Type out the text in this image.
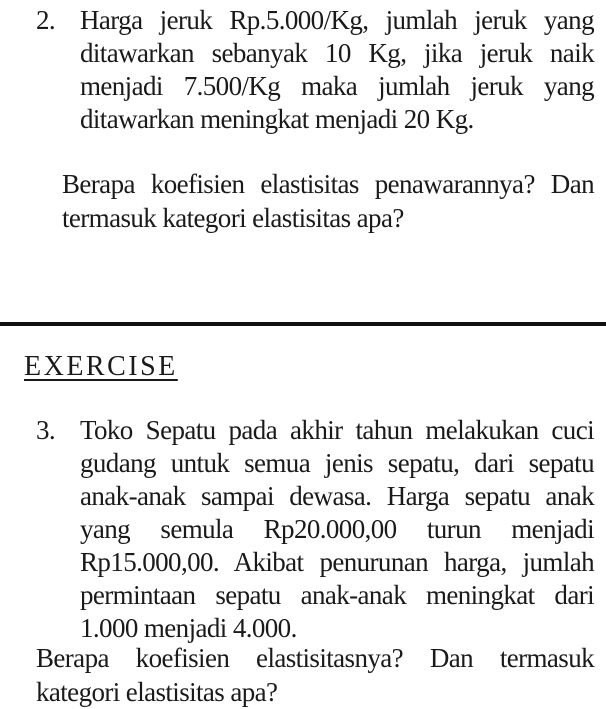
2. Harga jeruk Rp.5.000/Kg, jumlah jeruk yang ditawarkan sebanyak 10 Kg, jika jeruk naik menjadi 7.500/Kg maka jumlah jeruk yang ditawarkan meningkat menjadi 20 Kg.
Berapa koefisien elastisitas penawarannya? Dan termasuk kategori elastisitas apa?
EXERCISE
3. Toko Sepatu pada akhir tahun melakukan cuci gudang untuk semua jenis sepatu, dari sepatu anak-anak sampai dewasa. Harga sepatu anak yang semula Rp20.000,00 turun menjadi Rp15.000,00. Akibat penurunan harga, jumlah permintaan sepatu anak-anak meningkat dari 1.000 menjadi 4.000.
Berapa koefisien elastisitasnya? Dan termasuk kategori elastisitas apa?
